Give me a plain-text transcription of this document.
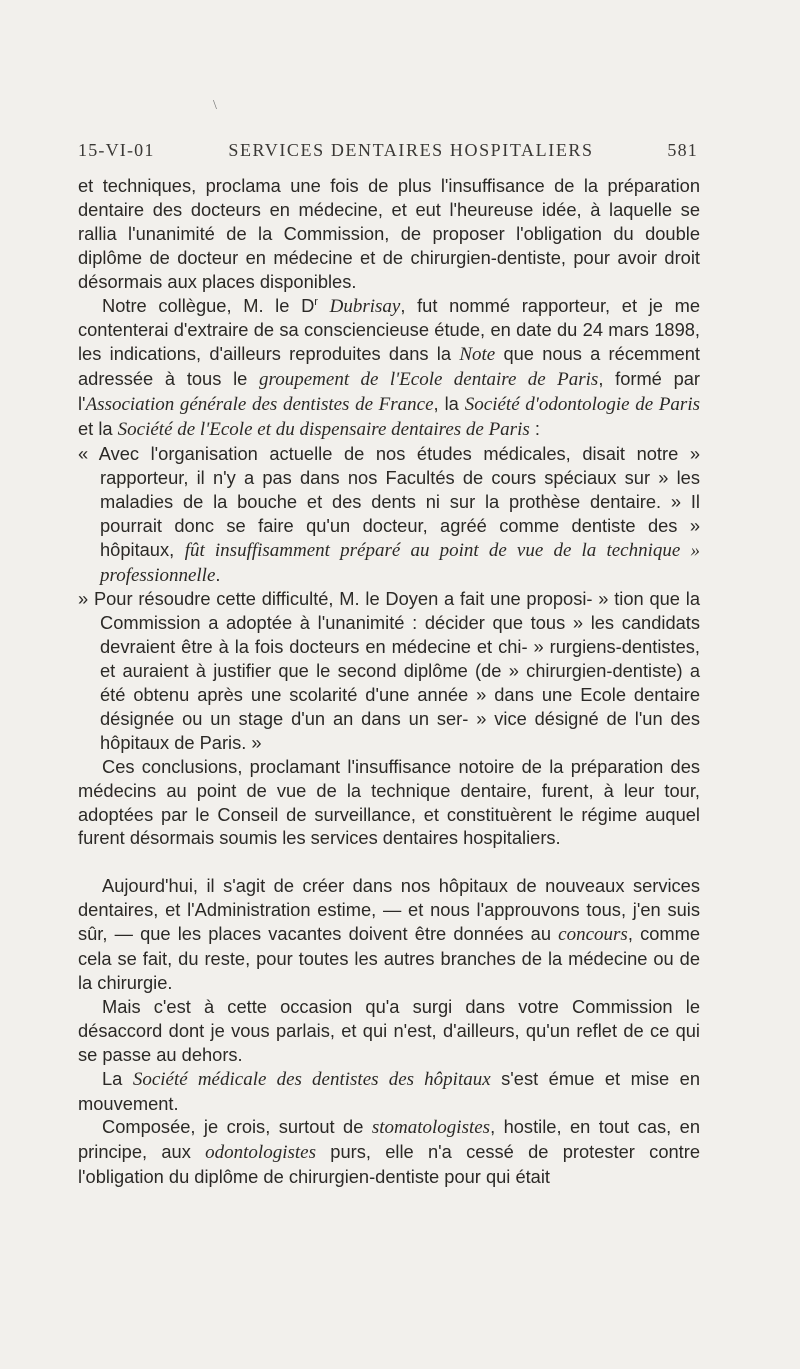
\
15-VI-01	SERVICES DENTAIRES HOSPITALIERS	581

et techniques, proclama une fois de plus l'insuffisance de la préparation dentaire des docteurs en médecine, et eut l'heureuse idée, à laquelle se rallia l'unanimité de la Commission, de proposer l'obligation du double diplôme de docteur en médecine et de chirurgien-dentiste, pour avoir droit désormais aux places disponibles.

Notre collègue, M. le $D^r$ Dubrisay, fut nommé rapporteur, et je me contenterai d'extraire de sa consciencieuse étude, en date du 24 mars 1898, les indications, d'ailleurs reproduites dans la Note que nous a récemment adressée à tous le groupement de l'Ecole dentaire de Paris, formé par l'Association générale des dentistes de France, la Société d'odontologie de Paris et la Société de l'Ecole et du dispensaire dentaires de Paris :

« Avec l'organisation actuelle de nos études médicales, disait notre » rapporteur, il n'y a pas dans nos Facultés de cours spéciaux sur » les maladies de la bouche et des dents ni sur la prothèse dentaire. » Il pourrait donc se faire qu'un docteur, agréé comme dentiste des » hôpitaux, fût insuffisamment préparé au point de vue de la technique » professionnelle.

» Pour résoudre cette difficulté, M. le Doyen a fait une proposi- » tion que la Commission a adoptée à l'unanimité : décider que tous » les candidats devraient être à la fois docteurs en médecine et chi- » rurgiens-dentistes, et auraient à justifier que le second diplôme (de » chirurgien-dentiste) a été obtenu après une scolarité d'une année » dans une Ecole dentaire désignée ou un stage d'un an dans un ser- » vice désigné de l'un des hôpitaux de Paris. »

Ces conclusions, proclamant l'insuffisance notoire de la préparation des médecins au point de vue de la technique dentaire, furent, à leur tour, adoptées par le Conseil de surveillance, et constituèrent le régime auquel furent désormais soumis les services dentaires hospitaliers.

Aujourd'hui, il s'agit de créer dans nos hôpitaux de nouveaux services dentaires, et l'Administration estime, — et nous l'approuvons tous, j'en suis sûr, — que les places vacantes doivent être données au concours, comme cela se fait, du reste, pour toutes les autres branches de la médecine ou de la chirurgie.

Mais c'est à cette occasion qu'a surgi dans votre Commission le désaccord dont je vous parlais, et qui n'est, d'ailleurs, qu'un reflet de ce qui se passe au dehors.

La Société médicale des dentistes des hôpitaux s'est émue et mise en mouvement.

Composée, je crois, surtout de stomatologistes, hostile, en tout cas, en principe, aux odontologistes purs, elle n'a cessé de protester contre l'obligation du diplôme de chirurgien-dentiste pour qui était
